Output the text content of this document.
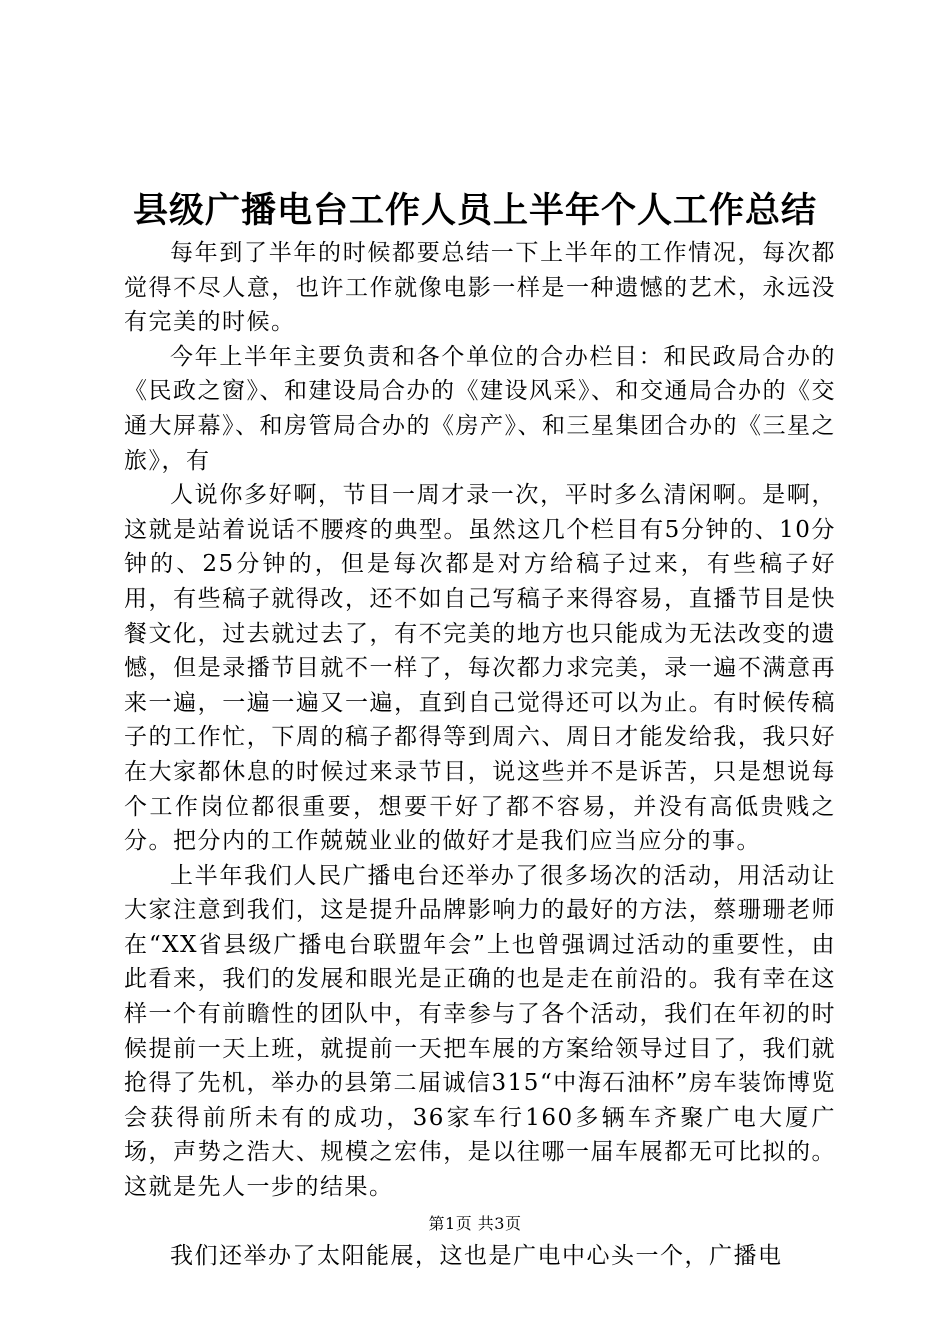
县级广播电台工作人员上半年个人工作总结

每年到了半年的时候都要总结一下上半年的工作情况，每次都觉得不尽人意，也许工作就像电影一样是一种遗憾的艺术，永远没有完美的时候。

今年上半年主要负责和各个单位的合办栏目：和民政局合办的《民政之窗》、和建设局合办的《建设风采》、和交通局合办的《交通大屏幕》、和房管局合办的《房产》、和三星集团合办的《三星之旅》，有

人说你多好啊，节目一周才录一次，平时多么清闲啊。是啊，这就是站着说话不腰疼的典型。虽然这几个栏目有5分钟的、10分钟的、25分钟的，但是每次都是对方给稿子过来，有些稿子好用，有些稿子就得改，还不如自己写稿子来得容易，直播节目是快餐文化，过去就过去了，有不完美的地方也只能成为无法改变的遗憾，但是录播节目就不一样了，每次都力求完美，录一遍不满意再来一遍，一遍一遍又一遍，直到自己觉得还可以为止。有时候传稿子的工作忙，下周的稿子都得等到周六、周日才能发给我，我只好在大家都休息的时候过来录节目，说这些并不是诉苦，只是想说每个工作岗位都很重要，想要干好了都不容易，并没有高低贵贱之分。把分内的工作兢兢业业的做好才是我们应当应分的事。

上半年我们人民广播电台还举办了很多场次的活动，用活动让大家注意到我们，这是提升品牌影响力的最好的方法，蔡珊珊老师在“XX省县级广播电台联盟年会”上也曾强调过活动的重要性，由此看来，我们的发展和眼光是正确的也是走在前沿的。我有幸在这样一个有前瞻性的团队中，有幸参与了各个活动，我们在年初的时候提前一天上班，就提前一天把车展的方案给领导过目了，我们就抢得了先机，举办的县第二届诚信315“中海石油杯”房车装饰博览会获得前所未有的成功，36家车行160多辆车齐聚广电大厦广场，声势之浩大、规模之宏伟，是以往哪一届车展都无可比拟的。这就是先人一步的结果。

我们还举办了太阳能展，这也是广电中心头一个，广播电

第1页 共3页
